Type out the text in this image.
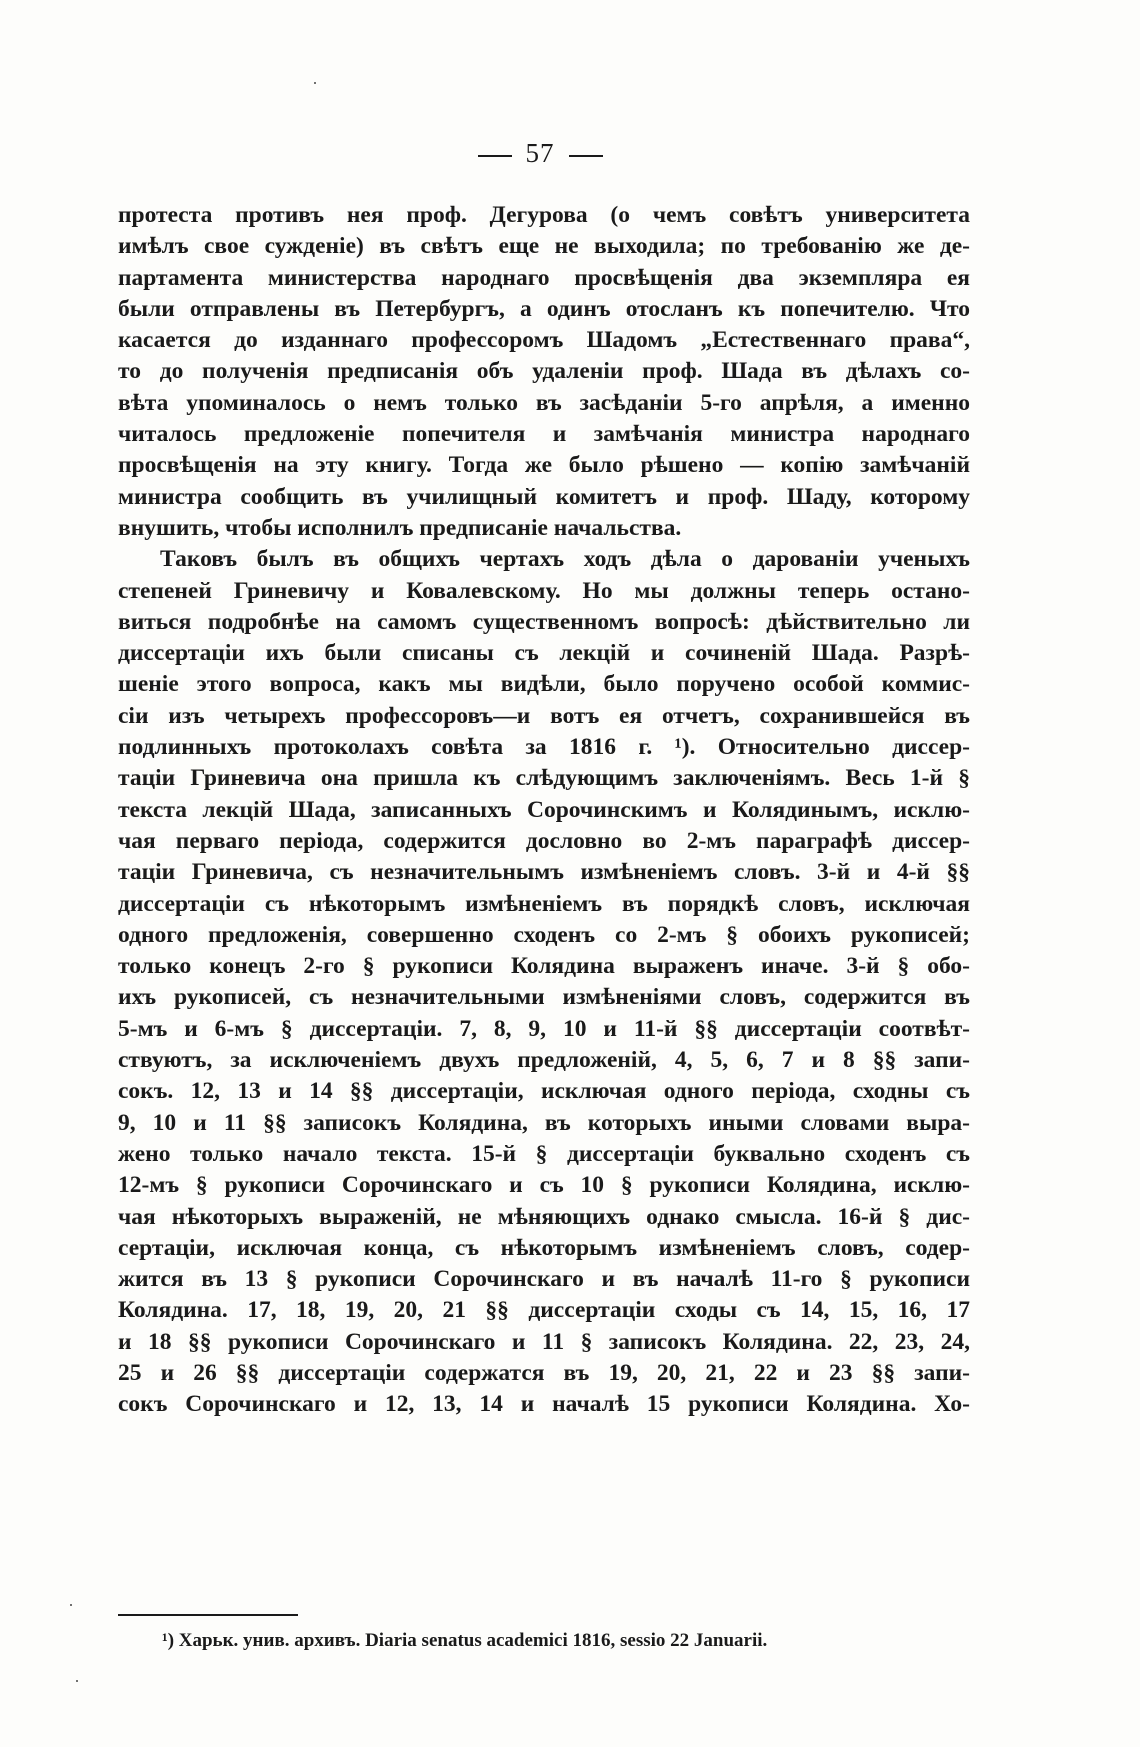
57
протеста противъ нея проф. Дегурова (о чемъ совѣтъ университета
имѣлъ свое сужденіе) въ свѣтъ еще не выходила; по требованію же де-
партамента министерства народнаго просвѣщенія два экземпляра ея
были отправлены въ Петербургъ, а одинъ отосланъ къ попечителю. Что
касается до изданнаго профессоромъ Шадомъ „Естественнаго права“,
то до полученія предписанія объ удаленіи проф. Шада въ дѣлахъ со-
вѣта упоминалось о немъ только въ засѣданіи 5-го апрѣля, а именно
читалось предложеніе попечителя и замѣчанія министра народнаго
просвѣщенія на эту книгу. Тогда же было рѣшено — копію замѣчаній
министра сообщить въ училищный комитетъ и проф. Шаду, которому
внушить, чтобы исполнилъ предписаніе начальства.
Таковъ былъ въ общихъ чертахъ ходъ дѣла о дарованіи ученыхъ
степеней Гриневичу и Ковалевскому. Но мы должны теперь остано-
виться подробнѣе на самомъ существенномъ вопросѣ: дѣйствительно ли
диссертаціи ихъ были списаны съ лекцій и сочиненій Шада. Разрѣ-
шеніе этого вопроса, какъ мы видѣли, было поручено особой коммис-
сіи изъ четырехъ профессоровъ—и вотъ ея отчетъ, сохранившейся въ
подлинныхъ протоколахъ совѣта за 1816 г. ¹). Относительно диссер-
таціи Гриневича она пришла къ слѣдующимъ заключеніямъ. Весь 1-й §
текста лекцій Шада, записанныхъ Сорочинскимъ и Колядинымъ, исклю-
чая перваго періода, содержится дословно во 2-мъ параграфѣ диссер-
таціи Гриневича, съ незначительнымъ измѣненіемъ словъ. 3-й и 4-й §§
диссертаціи съ нѣкоторымъ измѣненіемъ въ порядкѣ словъ, исключая
одного предложенія, совершенно сходенъ со 2-мъ § обоихъ рукописей;
только конецъ 2-го § рукописи Колядина выраженъ иначе. 3-й § обо-
ихъ рукописей, съ незначительными измѣненіями словъ, содержится въ
5-мъ и 6-мъ § диссертаціи. 7, 8, 9, 10 и 11-й §§ диссертаціи соотвѣт-
ствуютъ, за исключеніемъ двухъ предложеній, 4, 5, 6, 7 и 8 §§ запи-
сокъ. 12, 13 и 14 §§ диссертаціи, исключая одного періода, сходны съ
9, 10 и 11 §§ записокъ Колядина, въ которыхъ иными словами выра-
жено только начало текста. 15-й § диссертаціи буквально сходенъ съ
12-мъ § рукописи Сорочинскаго и съ 10 § рукописи Колядина, исклю-
чая нѣкоторыхъ выраженій, не мѣняющихъ однако смысла. 16-й § дис-
сертаціи, исключая конца, съ нѣкоторымъ измѣненіемъ словъ, содер-
жится въ 13 § рукописи Сорочинскаго и въ началѣ 11-го § рукописи
Колядина. 17, 18, 19, 20, 21 §§ диссертаціи сходы съ 14, 15, 16, 17
и 18 §§ рукописи Сорочинскаго и 11 § записокъ Колядина. 22, 23, 24,
25 и 26 §§ диссертаціи содержатся въ 19, 20, 21, 22 и 23 §§ запи-
сокъ Сорочинскаго и 12, 13, 14 и началѣ 15 рукописи Колядина. Хо-
¹) Харьк. унив. архивъ. Diaria senatus academici 1816, sessio 22 Januarii.
